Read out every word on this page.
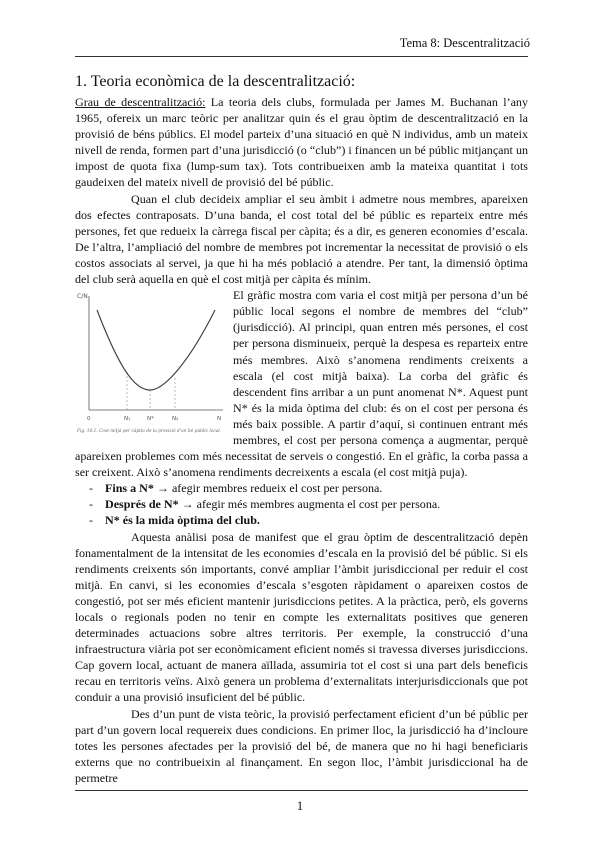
Tema 8: Descentralització
1. Teoria econòmica de la descentralització:

Grau de descentralització: La teoria dels clubs, formulada per James M. Buchanan l’any 1965, ofereix un marc teòric per analitzar quin és el grau òptim de descentralització en la provisió de béns públics. El model parteix d’una situació en què N individus, amb un mateix nivell de renda, formen part d’una jurisdicció (o “club”) i financen un bé públic mitjançant un impost de quota fixa (lump-sum tax). Tots contribueixen amb la mateixa quantitat i tots gaudeixen del mateix nivell de provisió del bé públic.

Quan el club decideix ampliar el seu àmbit i admetre nous membres, apareixen dos efectes contraposats. D’una banda, el cost total del bé públic es reparteix entre més persones, fet que redueix la càrrega fiscal per càpita; és a dir, es generen economies d’escala. De l’altra, l’ampliació del nombre de membres pot incrementar la necessitat de provisió o els costos associats al servei, ja que hi ha més població a atendre. Per tant, la dimensió òptima del club serà aquella en què el cost mitjà per càpita és mínim.

C/N
0	N₁	N*	N₂	N
Fig. 10.1. Cost mitjà per càpita de la provisió d’un bé públic local.

El gràfic mostra com varia el cost mitjà per persona d’un bé públic local segons el nombre de membres del “club” (jurisdicció). Al principi, quan entren més persones, el cost per persona disminueix, perquè la despesa es reparteix entre més membres. Això s’anomena rendiments creixents a escala (el cost mitjà baixa). La corba del gràfic és descendent fins arribar a un punt anomenat N*. Aquest punt N* és la mida òptima del club: és on el cost per persona és més baix possible. A partir d’aquí, si continuen entrant més membres, el cost per persona comença a augmentar, perquè apareixen problemes com més necessitat de serveis o congestió. En el gràfic, la corba passa a ser creixent. Això s’anomena rendiments decreixents a escala (el cost mitjà puja).

- Fins a N* → afegir membres redueix el cost per persona.
- Després de N* → afegir més membres augmenta el cost per persona.
- N* és la mida òptima del club.

Aquesta anàlisi posa de manifest que el grau òptim de descentralització depèn fonamentalment de la intensitat de les economies d’escala en la provisió del bé públic. Si els rendiments creixents són importants, convé ampliar l’àmbit jurisdiccional per reduir el cost mitjà. En canvi, si les economies d’escala s’esgoten ràpidament o apareixen costos de congestió, pot ser més eficient mantenir jurisdiccions petites. A la pràctica, però, els governs locals o regionals poden no tenir en compte les externalitats positives que generen determinades actuacions sobre altres territoris. Per exemple, la construcció d’una infraestructura viària pot ser econòmicament eficient només si travessa diverses jurisdiccions. Cap govern local, actuant de manera aïllada, assumiria tot el cost si una part dels beneficis recau en territoris veïns. Això genera un problema d’externalitats interjurisdiccionals que pot conduir a una provisió insuficient del bé públic.

Des d’un punt de vista teòric, la provisió perfectament eficient d’un bé públic per part d’un govern local requereix dues condicions. En primer lloc, la jurisdicció ha d’incloure totes les persones afectades per la provisió del bé, de manera que no hi hagi beneficiaris externs que no contribueixin al finançament. En segon lloc, l’àmbit jurisdiccional ha de permetre

1
